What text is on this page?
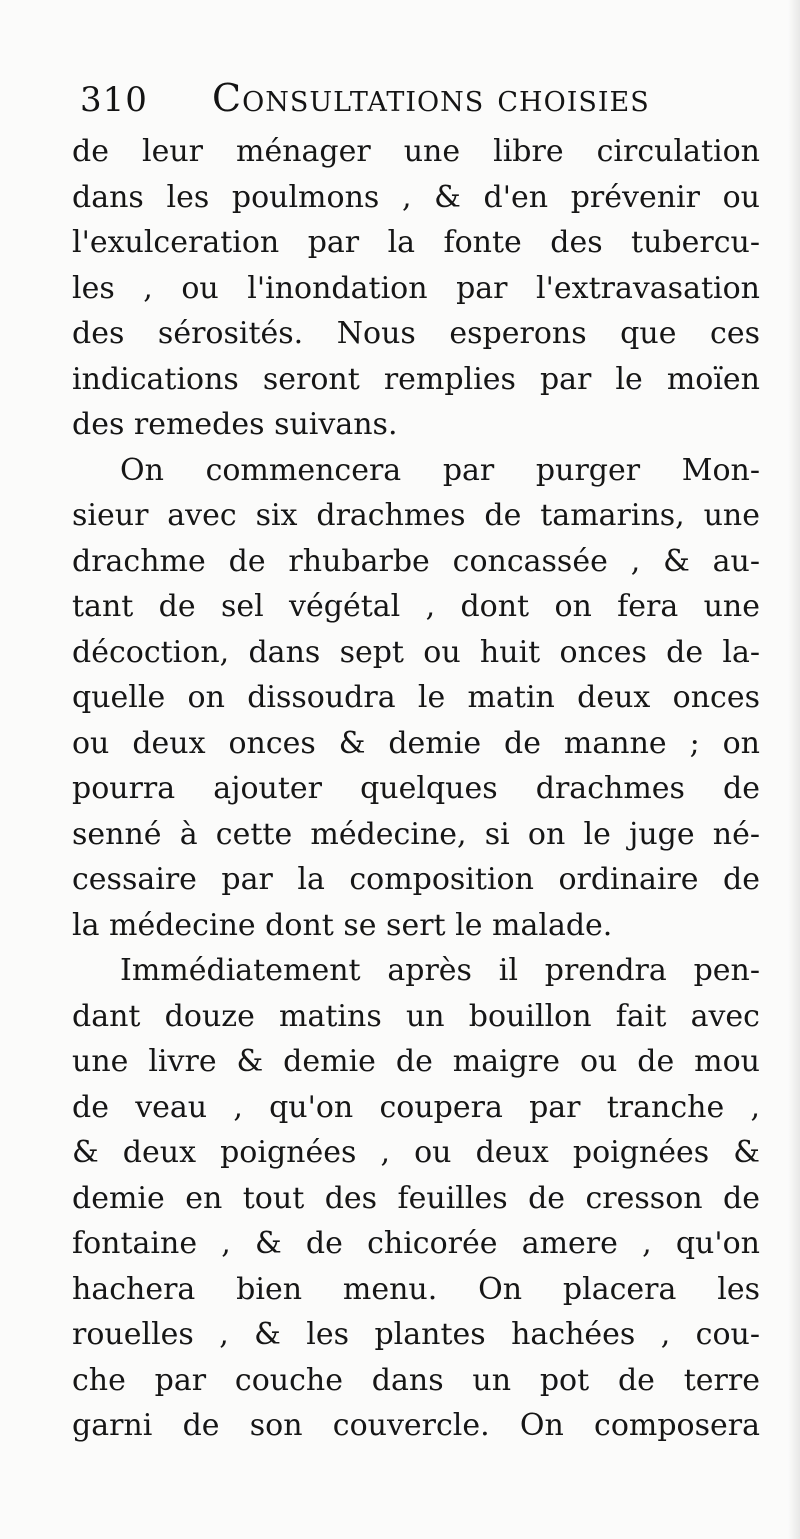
310 Consultations choisies
de leur ménager une libre circulation
dans les poulmons , & d'en prévenir ou
l'exulceration par la fonte des tubercu-
les , ou l'inondation par l'extravasation
des sérosités. Nous esperons que ces
indications seront remplies par le moïen
des remedes suivans.
On commencera par purger Mon-
sieur avec six drachmes de tamarins, une
drachme de rhubarbe concassée , & au-
tant de sel végétal , dont on fera une
décoction, dans sept ou huit onces de la-
quelle on dissoudra le matin deux onces
ou deux onces & demie de manne ; on
pourra ajouter quelques drachmes de
senné à cette médecine, si on le juge né-
cessaire par la composition ordinaire de
la médecine dont se sert le malade.
Immédiatement après il prendra pen-
dant douze matins un bouillon fait avec
une livre & demie de maigre ou de mou
de veau , qu'on coupera par tranche ,
& deux poignées , ou deux poignées &
demie en tout des feuilles de cresson de
fontaine , & de chicorée amere , qu'on
hachera bien menu. On placera les
rouelles , & les plantes hachées , cou-
che par couche dans un pot de terre
garni de son couvercle. On composera
